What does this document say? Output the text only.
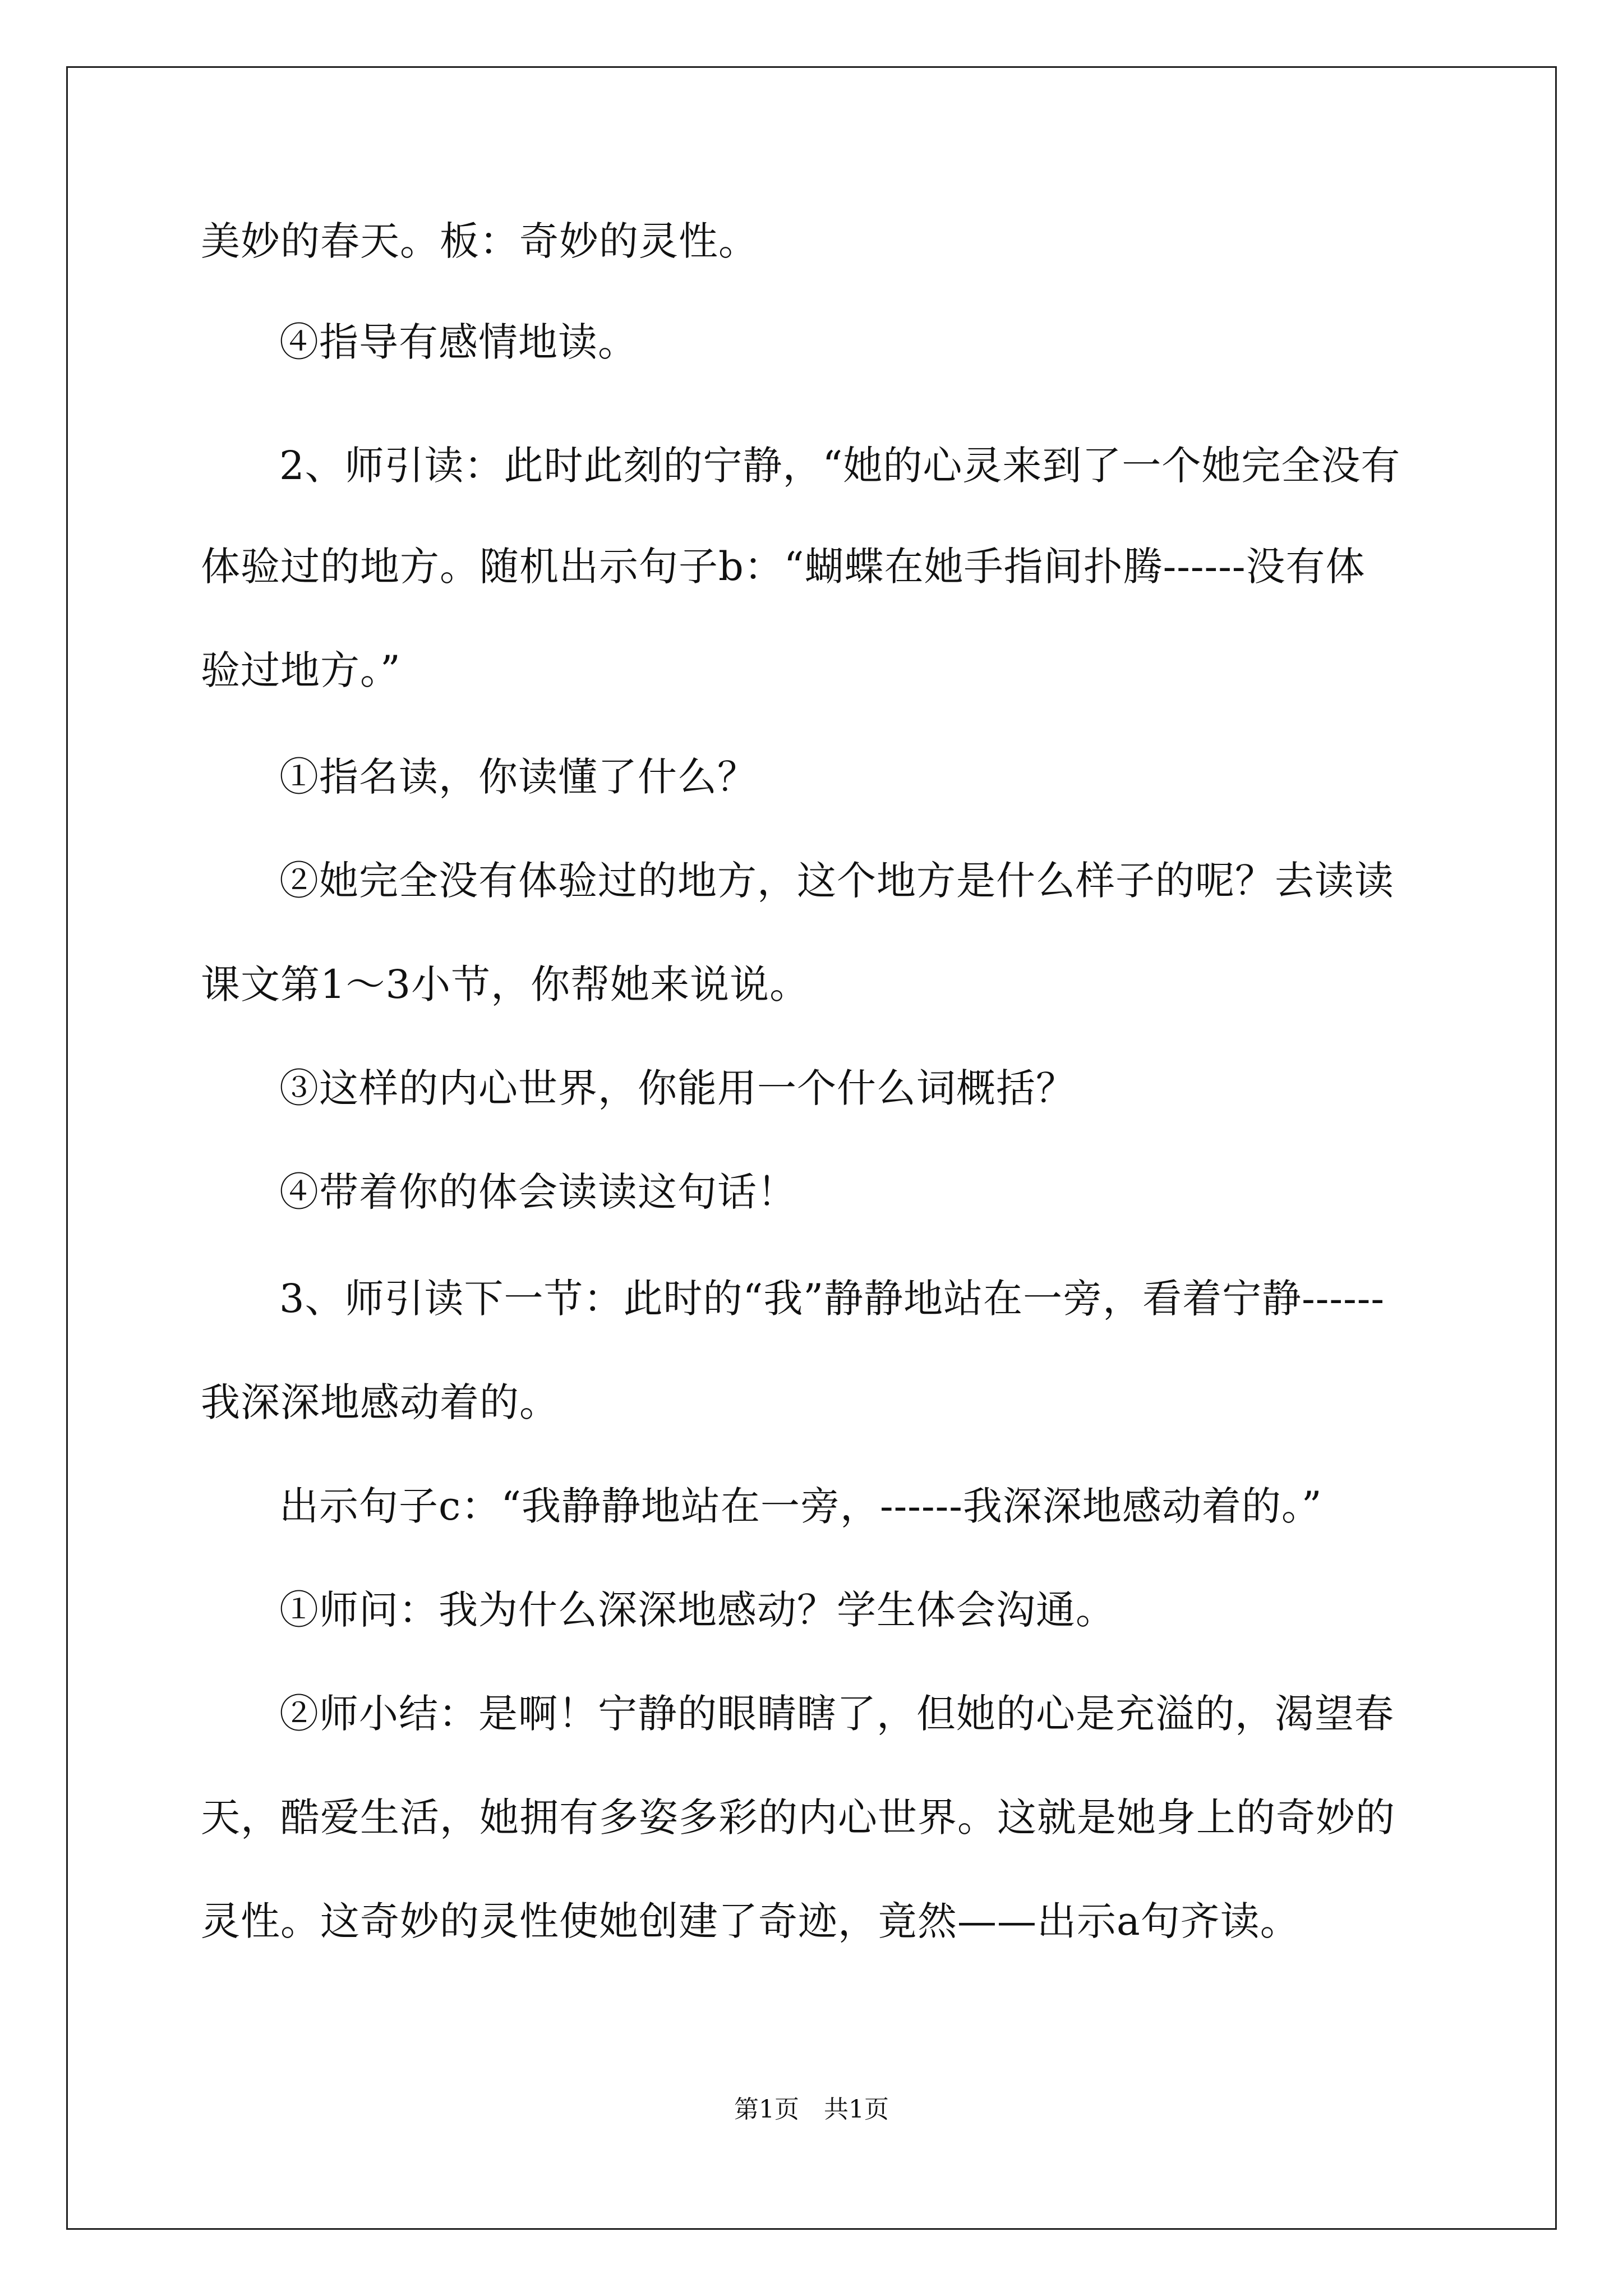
美妙的春天。板：奇妙的灵性。
④指导有感情地读。
2、师引读：此时此刻的宁静，“她的心灵来到了一个她完全没有
体验过的地方。随机出示句子b：“蝴蝶在她手指间扑腾------没有体
验过地方。”
①指名读，你读懂了什么？
②她完全没有体验过的地方，这个地方是什么样子的呢？去读读
课文第1～3小节，你帮她来说说。
③这样的内心世界，你能用一个什么词概括？
④带着你的体会读读这句话！
3、师引读下一节：此时的“我”静静地站在一旁，看着宁静------
我深深地感动着的。
出示句子c：“我静静地站在一旁，------我深深地感动着的。”
①师问：我为什么深深地感动？学生体会沟通。
②师小结：是啊！宁静的眼睛瞎了，但她的心是充溢的，渴望春
天，酷爱生活，她拥有多姿多彩的内心世界。这就是她身上的奇妙的
灵性。这奇妙的灵性使她创建了奇迹，竟然——出示a句齐读。
第1页　共1页
